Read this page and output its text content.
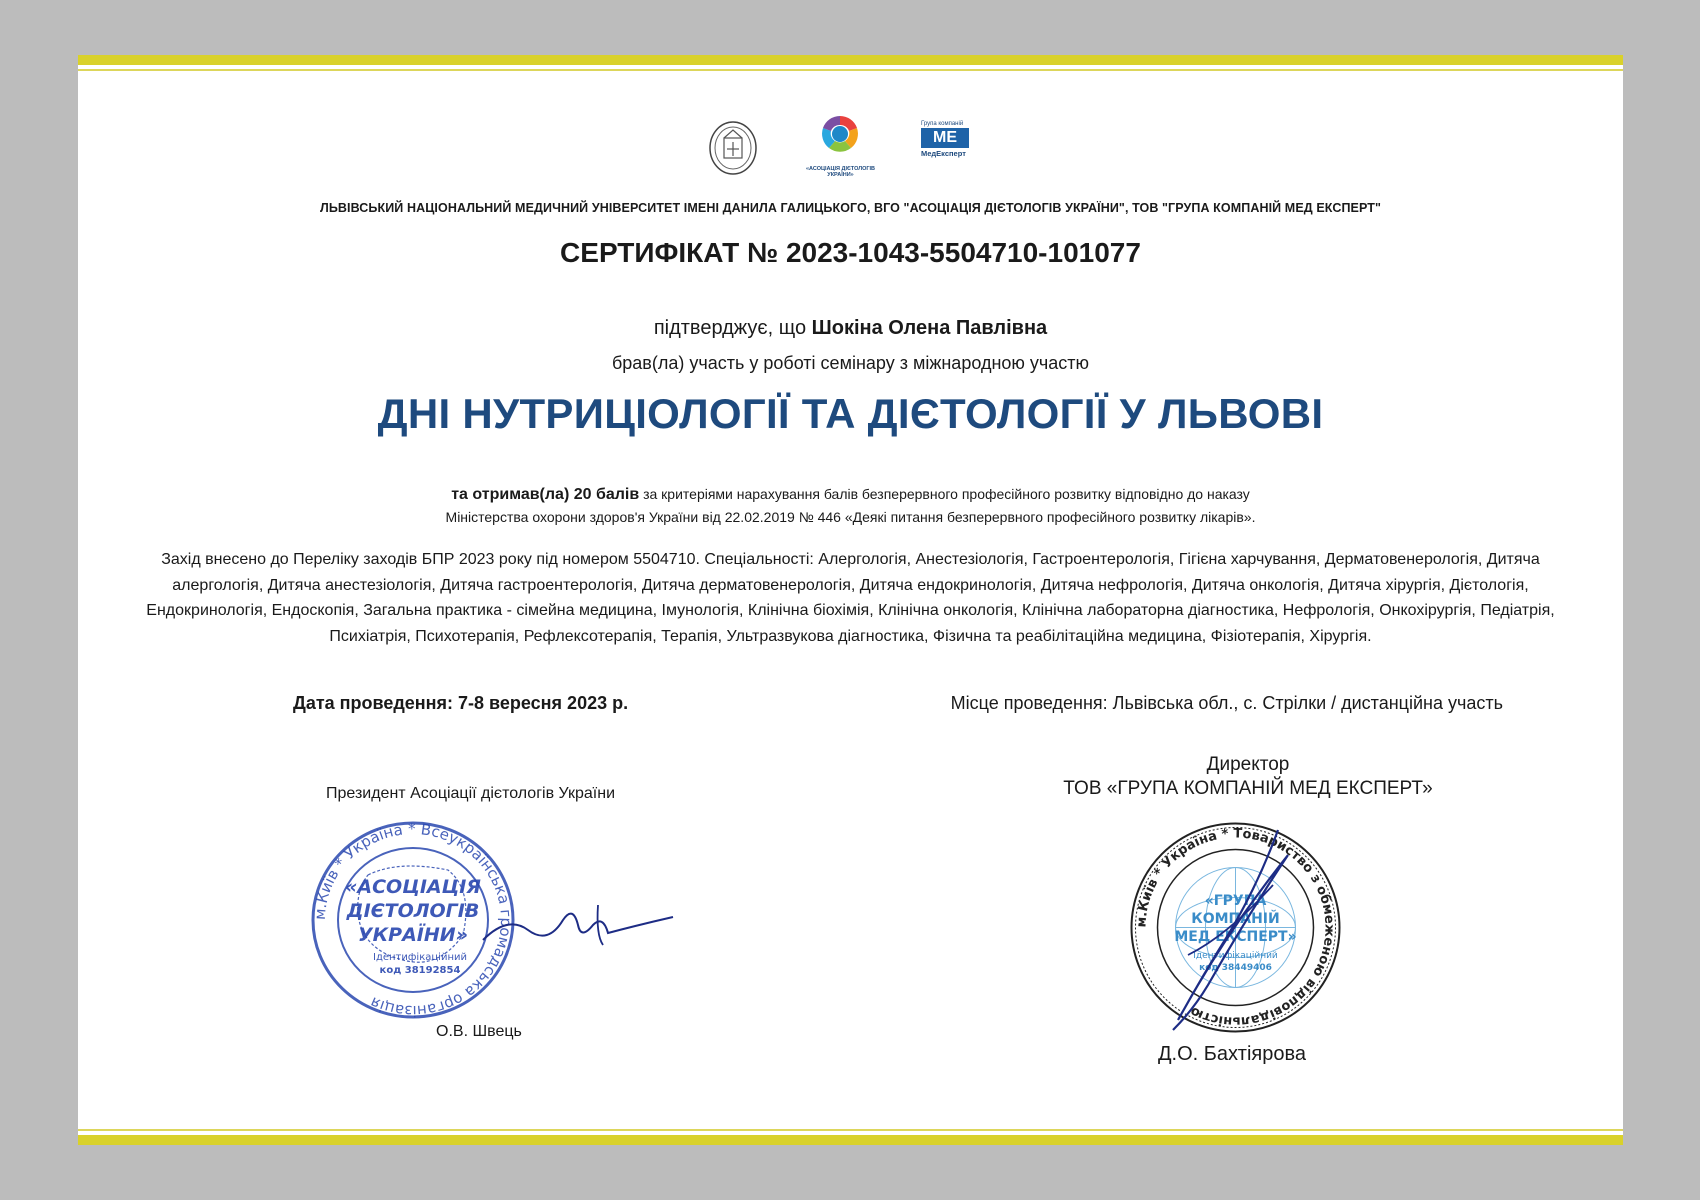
«АСОЦІАЦІЯ ДІЄТОЛОГІВ УКРАЇНИ»
Група компаній
МЕ
МедЕксперт
ЛЬВІВСЬКИЙ НАЦІОНАЛЬНИЙ МЕДИЧНИЙ УНІВЕРСИТЕТ ІМЕНІ ДАНИЛА ГАЛИЦЬКОГО, ВГО "АСОЦІАЦІЯ ДІЄТОЛОГІВ УКРАЇНИ", ТОВ "ГРУПА КОМПАНІЙ МЕД ЕКСПЕРТ"
СЕРТИФІКАТ № 2023-1043-5504710-101077
підтверджує, що Шокіна Олена Павлівна
брав(ла) участь у роботі семінару з міжнародною участю
ДНІ НУТРИЦІОЛОГІЇ ТА ДІЄТОЛОГІЇ У ЛЬВОВІ
та отримав(ла) 20 балів за критеріями нарахування балів безперервного професійного розвитку відповідно до наказу
Міністерства охорони здоров'я України від 22.02.2019 № 446 «Деякі питання безперервного професійного розвитку лікарів».
Захід внесено до Переліку заходів БПР 2023 року під номером 5504710. Спеціальності: Алергологія, Анестезіологія, Гастроентерологія, Гігієна харчування, Дерматовенерологія, Дитяча алергологія, Дитяча анестезіологія, Дитяча гастроентерологія, Дитяча дерматовенерологія, Дитяча ендокринологія, Дитяча нефрологія, Дитяча онкологія, Дитяча хірургія, Дієтологія, Ендокринологія, Ендоскопія, Загальна практика - сімейна медицина, Імунологія, Клінічна біохімія, Клінічна онкологія, Клінічна лабораторна діагностика, Нефрологія, Онкохірургія, Педіатрія, Психіатрія, Психотерапія, Рефлексотерапія, Терапія, Ультразвукова діагностика, Фізична та реабілітаційна медицина, Фізіотерапія, Хірургія.
Дата проведення: 7-8 вересня 2023 р.	Місце проведення: Львівська обл., с. Стрілки / дистанційна участь
Президент Асоціації дієтологів України
Директор
ТОВ «ГРУПА КОМПАНІЙ МЕД ЕКСПЕРТ»
м.Київ * Україна * Всеукраїнська громадська організація
«АСОЦІАЦІЯ
ДІЄТОЛОГІВ
УКРАЇНИ»
Ідентифікаційний
код 38192854
О.В. Швець
м.Київ * Україна * Товариство з обмеженою відповідальністю
«ГРУПА
КОМПАНІЙ
МЕД ЕКСПЕРТ»
Ідентифікаційний
код 38449406
Д.О. Бахтіярова
